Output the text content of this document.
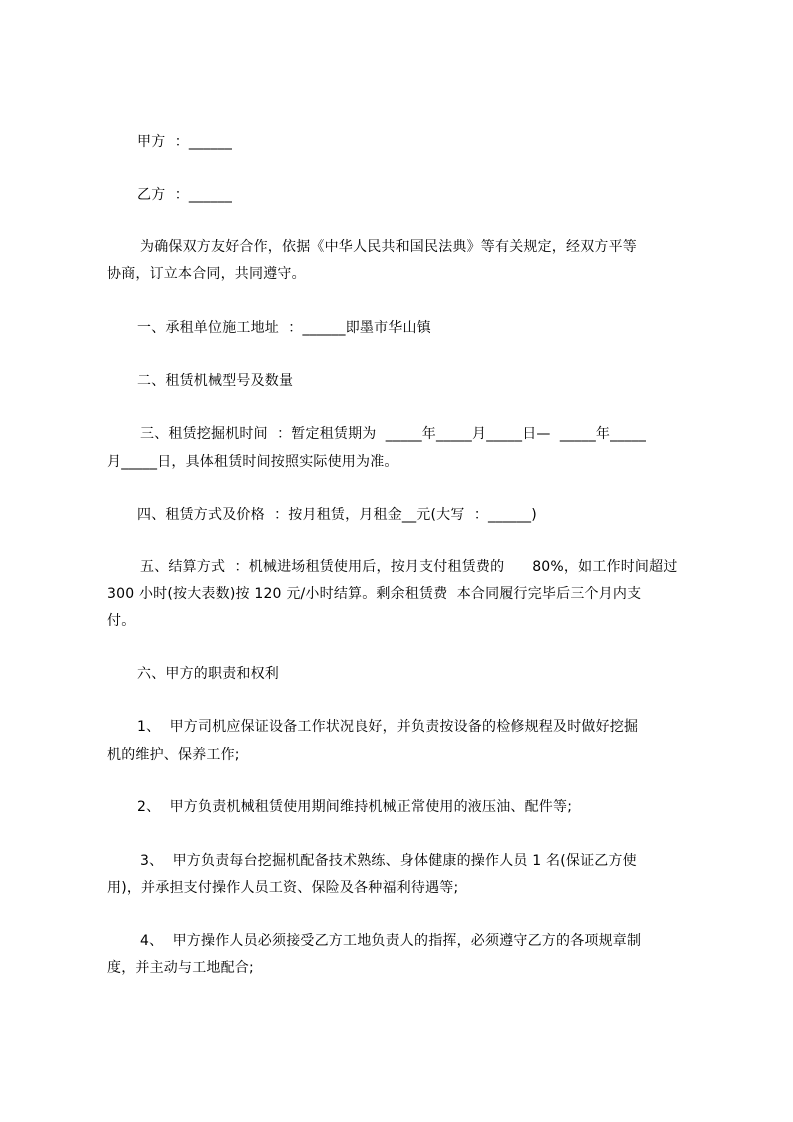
甲方  ：______
乙方  ：______
为确保双方友好合作，依据《中华人民共和国民法典》等有关规定，经双方平等
协商，订立本合同，共同遵守。
一、承租单位施工地址  ：______即墨市华山镇
二、租赁机械型号及数量
三、租赁挖掘机时间  ：暂定租赁期为  _____年_____月_____日—  _____年_____
月_____日，具体租赁时间按照实际使用为准。
四、租赁方式及价格  ：按月租赁，月租金__元(大写  ：______)
五、结算方式  ：机械进场租赁使用后，按月支付租赁费的      80%，如工作时间超过
300 小时(按大表数)按 120 元/小时结算。剩余租赁费  本合同履行完毕后三个月内支
付。
六、甲方的职责和权利
1、  甲方司机应保证设备工作状况良好，并负责按设备的检修规程及时做好挖掘
机的维护、保养工作;
2、  甲方负责机械租赁使用期间维持机械正常使用的液压油、配件等;
3、  甲方负责每台挖掘机配备技术熟练、身体健康的操作人员 1 名(保证乙方使
用)，并承担支付操作人员工资、保险及各种福利待遇等;
4、  甲方操作人员必须接受乙方工地负责人的指挥，必须遵守乙方的各项规章制
度，并主动与工地配合;
